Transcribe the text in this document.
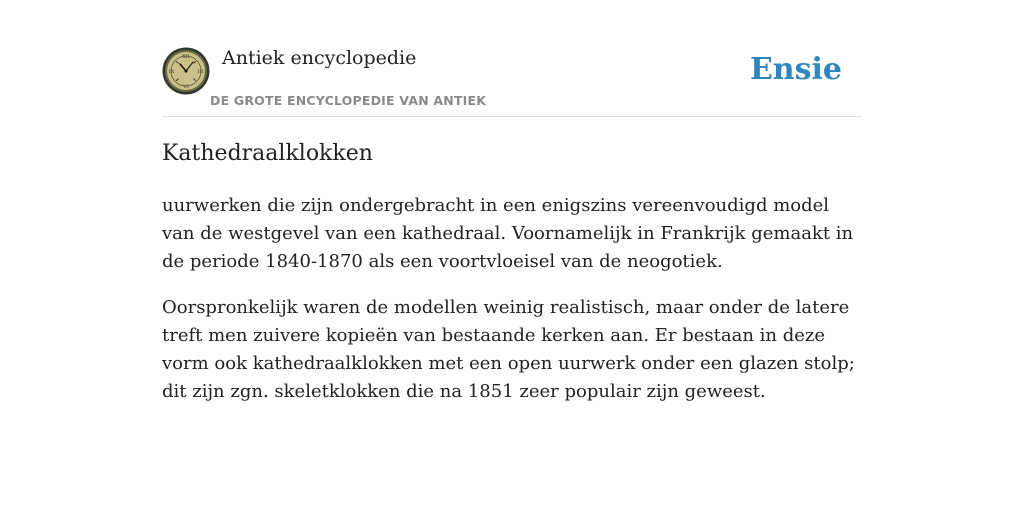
XII
III
VI
IX
Antiek encyclopedie
DE GROTE ENCYCLOPEDIE VAN ANTIEK
Ensie
Kathedraalklokken

uurwerken die zijn ondergebracht in een enigszins vereenvoudigd model van de westgevel van een kathedraal. Voornamelijk in Frankrijk gemaakt in de periode 1840-1870 als een voortvloeisel van de neogotiek.

Oorspronkelijk waren de modellen weinig realistisch, maar onder de latere treft men zuivere kopieën van bestaande kerken aan. Er bestaan in deze vorm ook kathedraalklokken met een open uurwerk onder een glazen stolp; dit zijn zgn. skeletklokken die na 1851 zeer populair zijn geweest.
